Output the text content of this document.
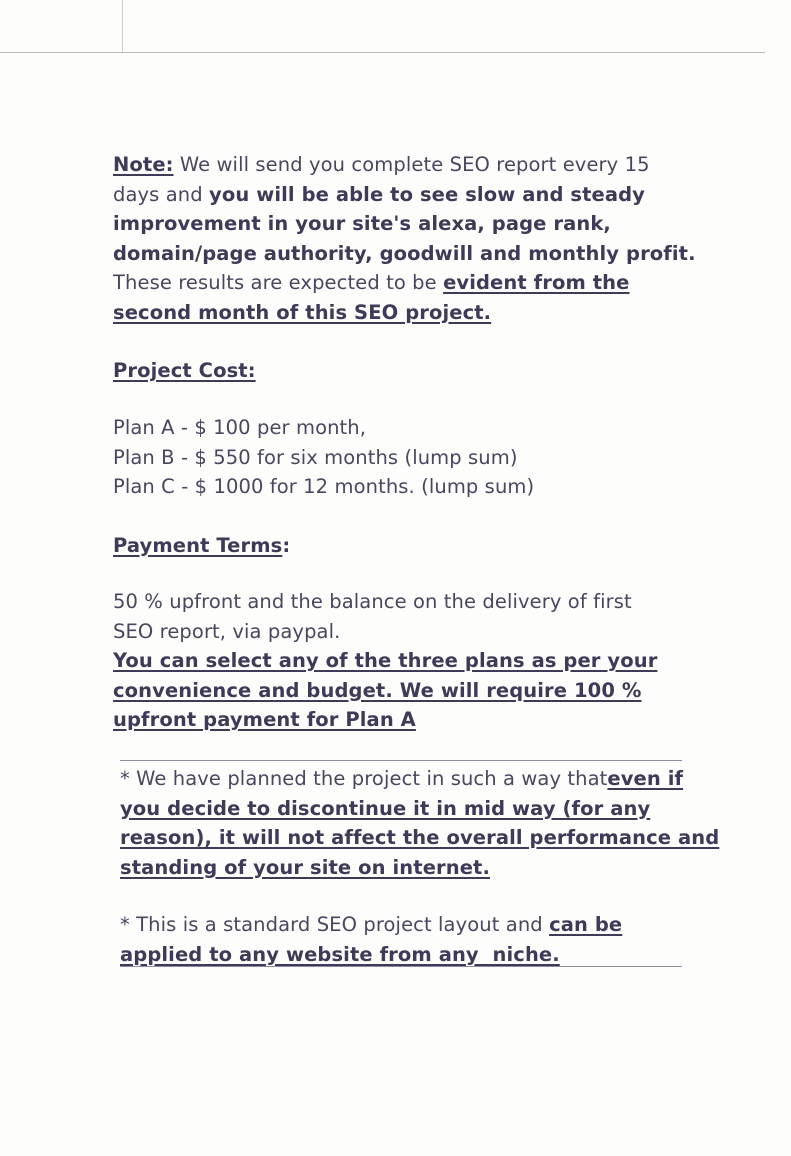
Note: We will send you complete SEO report every 15
days and you will be able to see slow and steady
improvement in your site's alexa, page rank,
domain/page authority, goodwill and monthly profit.
These results are expected to be evident from the
second month of this SEO project.
Project Cost:
Plan A - $ 100 per month,
Plan B - $ 550 for six months (lump sum)
Plan C - $ 1000 for 12 months. (lump sum)
Payment Terms:
50 % upfront and the balance on the delivery of first
SEO report, via paypal.
You can select any of the three plans as per your
convenience and budget. We will require 100 %
upfront payment for Plan A
* We have planned the project in such a way thateven if
you decide to discontinue it in mid way (for any
reason), it will not affect the overall performance and
standing of your site on internet.
* This is a standard SEO project layout and can be
applied to any website from any  niche.
